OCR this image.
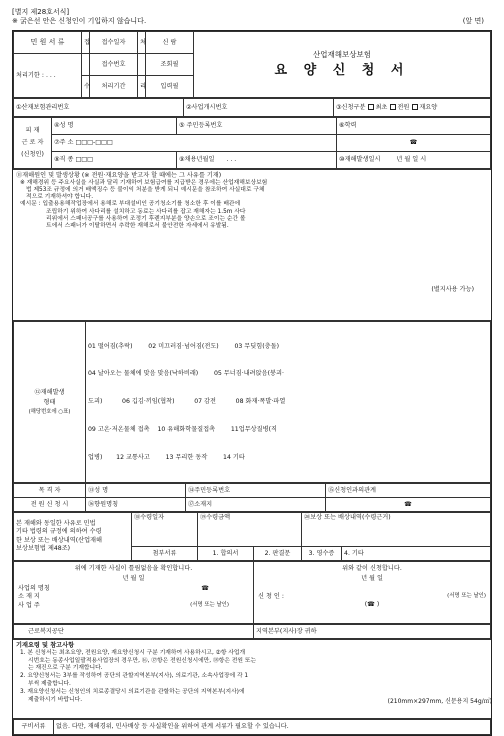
[별지 제28호서식]
※ 굵은선 안은 신청인이 기입하지 않습니다.	(앞 면)
민 원 서 류	접	접수일자	처	신 람	산업재해보상보험
요 양 신 청 서

처리기한 : . . .		접수번호		조회필	
	수	처리기간	리	입력필	
①산재보험관리번호	②사업개시번호	③신청구분 최초 전원 재요양
피 재
근 로 자
(신청인)	④성 명	⑤ 주민등록번호	⑥학력
	⑦주 소 □□□-□□□		☎
	⑧직 종 □□□	⑨채용년월일 . . .	⑩재해발생일시 년 월 일 시
⑪재해원인 및 발생상황 (※ 전원·재요양을 받고자 할 때에는 그 사유를 기재)
※ 재해경위 등 주요사실을 사실과 달리 기재하여 보험급여를 지급받은 경우에는 산업재해보상보험
법 제53조 규정에 의거 배액징수 등 불이익 처분을 받게 되니 예시문을 참조하여 사실대로 구체
적으로 기재하셔야 합니다.
예시문 : 입출용용해작업장에서 용해로 부대설비인 공기청소기를 청소한 후 이를 배관에
조립하기 위하여 사다리를 설치하고 동료는 사다리를 잡고 재해자는 1.5m 사다
리위에서 스패너공구를 사용하여 조정기 후렌지부분을 양손으로 조이는 순간 볼
트에서 스패너가 이탈하면서 추락한 재해로서 불안전한 자세에서 유발됨.
(별지사용 가능)
⑫재해발생
형태
(해당번호에 ○표)

01 떨어짐(추락)        02 미끄러짐·넘어짐(전도)        03 무딪힘(충돌)

04 날아오는 물체에 맞음 맞음(낙하비래)        05 무너짐·내려앉음(붕괴·

도괴)          06 깁김·끼임(협착)          07 감전          08 화재·폭발·파열

09 고온·저온물체 접촉    10 유해화학물질접촉        11업무상질병(직

업병)       12 교통사고        13 무리한 동작        14 기타

목 격 자	⑬성 명	⑭주민등록번호	⑮신청인과의관계
전 원 신 청 시	⑯향원명칭	⑰소재지	☎
본 재해와 동일한 사유로 민법
기타 법령의 규정에 의하여 수령
한 보상 또는 배상내역(산업재해
보상보험법 제48조)	⑱수령일자	⑲수령금액		⑳보상 또는 배상내역(수령근거)	
	첨부서류	1. 합의서	2. 판결문	3. 영수증	4. 기타
위에 기재한 사실이 틀림없음을 확인합니다.
년 월 일
사업의 명칭	☎
소 재 지
사 업 주	(서명 또는 날인)

위와 같이 신청합니다.
년 월 일
신 청 인 :	(서명 또는 날인)
(☎ )
근로복지공단	지역본부(지사)장 귀하
기재요령 및 참고사항
1. 본 신청서는 최초요양, 전원요양, 재요양신청시 구분 기재하여 사용하시고, ②항 사업개
시번호는 동종사업일괄적용사업장의 경우만, ⑯, ⑰항은 전원신청시에만, ⑱항은 전원 또는
는 재진으로 구분 기재합니다.
2. 요양신청서는 3부를 작성하여 공단의 관할지역본부(지사), 의료기관, 소속사업장에 각 1
부씩 제출합니다.
3. 재요양신청서는 신청인의 치료종결당시 의료기관을 관할하는 공단의 지역본부(지사)에
제출하시기 바랍니다.
구비서류	없음. 다만, 재해경위, 민사배상 등 사실확인을 위하여 관계 서류가 필요할 수 있습니다.
(210mm×297mm, 신문용지 54g/㎡)
